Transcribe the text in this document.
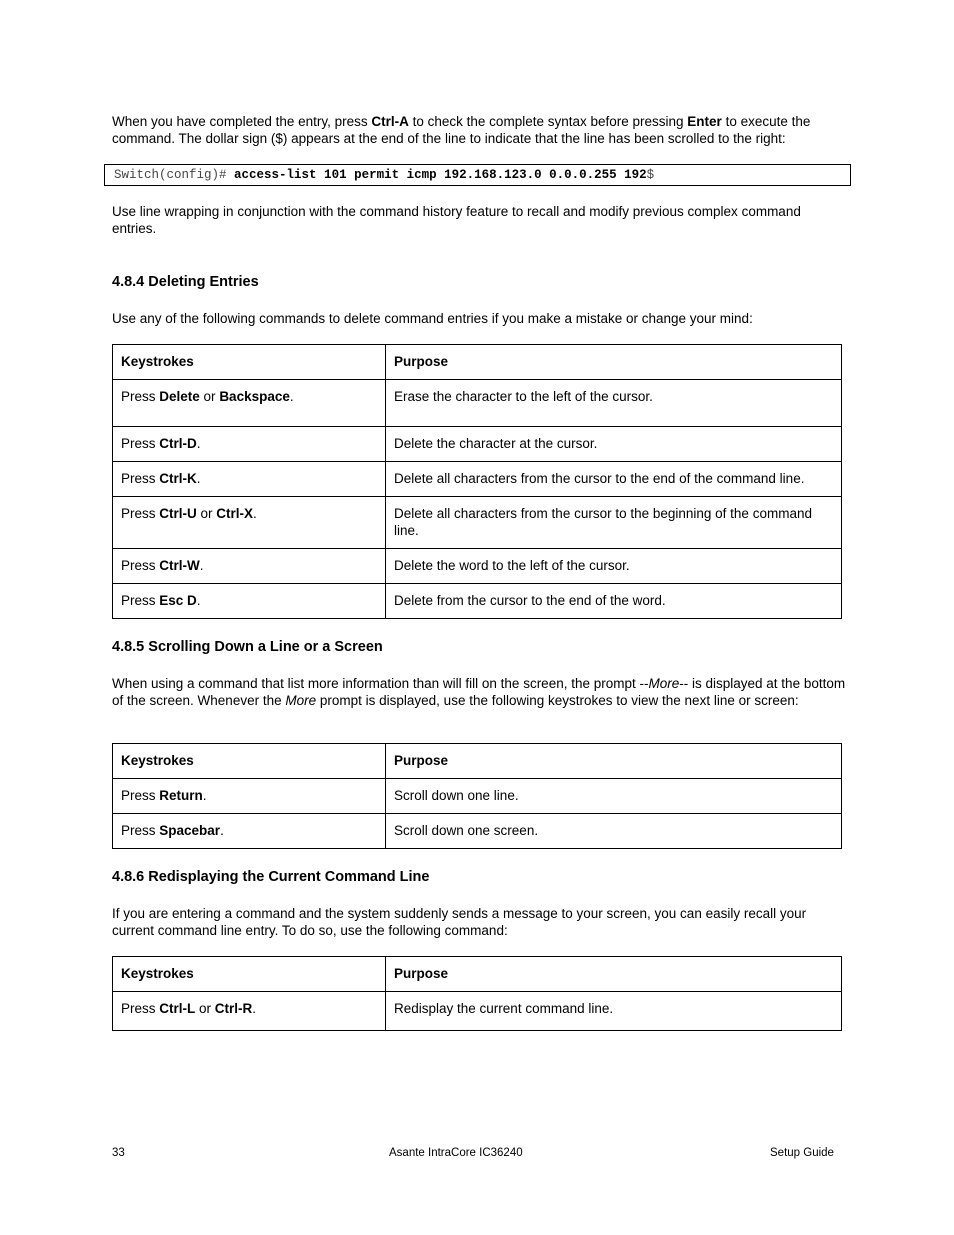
When you have completed the entry, press Ctrl-A to check the complete syntax before pressing Enter to execute the command. The dollar sign ($) appears at the end of the line to indicate that the line has been scrolled to the right:

Switch(config)# access-list 101 permit icmp 192.168.123.0 0.0.0.255 192$

Use line wrapping in conjunction with the command history feature to recall and modify previous complex command entries.

4.8.4 Deleting Entries

Use any of the following commands to delete command entries if you make a mistake or change your mind:

Keystrokes	Purpose
Press Delete or Backspace.	Erase the character to the left of the cursor.
Press Ctrl-D.	Delete the character at the cursor.
Press Ctrl-K.	Delete all characters from the cursor to the end of the command line.
Press Ctrl-U or Ctrl-X.	Delete all characters from the cursor to the beginning of the command line.
Press Ctrl-W.	Delete the word to the left of the cursor.
Press Esc D.	Delete from the cursor to the end of the word.
4.8.5 Scrolling Down a Line or a Screen

When using a command that list more information than will fill on the screen, the prompt --More-- is displayed at the bottom of the screen. Whenever the More prompt is displayed, use the following keystrokes to view the next line or screen:

Keystrokes	Purpose
Press Return.	Scroll down one line.
Press Spacebar.	Scroll down one screen.
4.8.6 Redisplaying the Current Command Line

If you are entering a command and the system suddenly sends a message to your screen, you can easily recall your current command line entry. To do so, use the following command:

Keystrokes	Purpose
Press Ctrl-L or Ctrl-R.	Redisplay the current command line.
33	Asante IntraCore IC36240	Setup Guide
